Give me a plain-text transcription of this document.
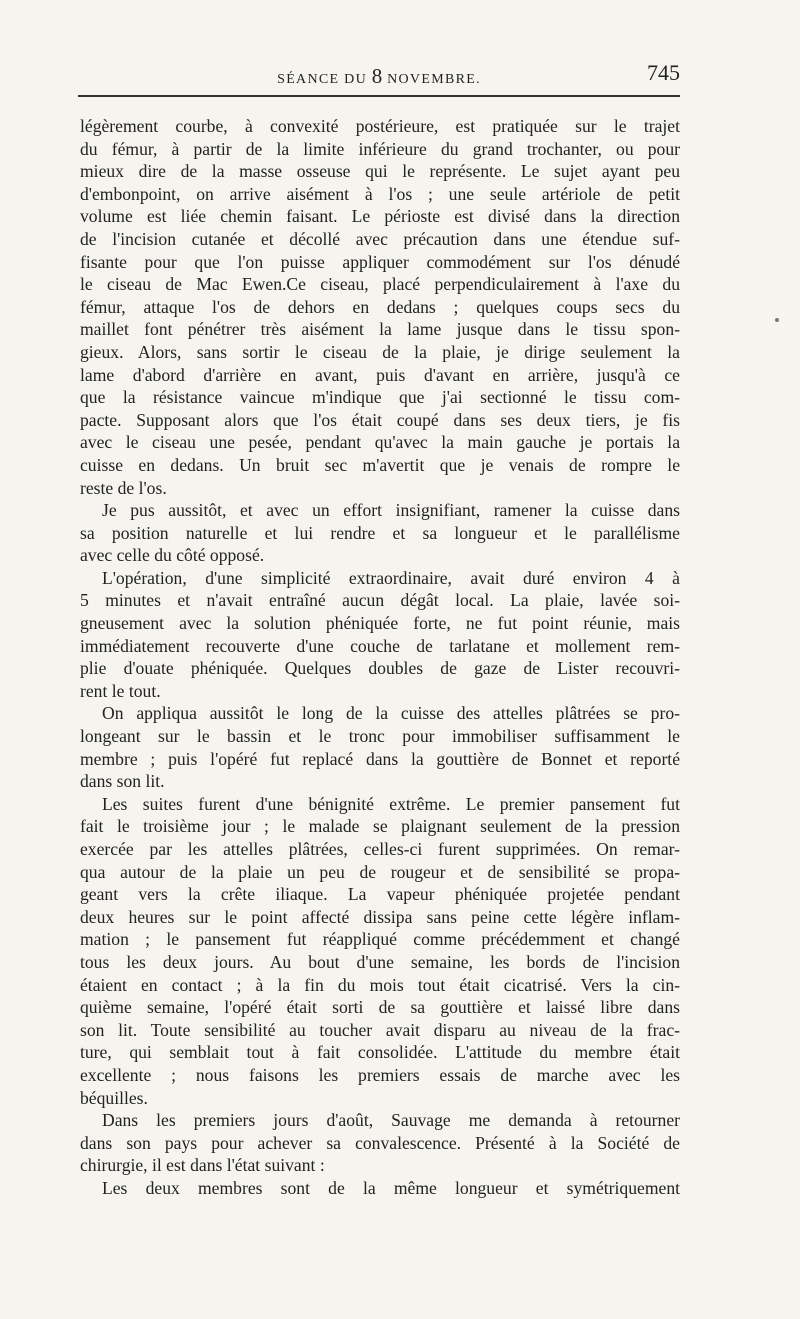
SÉANCE DU 8 NOVEMBRE.	745
légèrement courbe, à convexité postérieure, est pratiquée sur le trajet
du fémur, à partir de la limite inférieure du grand trochanter, ou pour
mieux dire de la masse osseuse qui le représente. Le sujet ayant peu
d'embonpoint, on arrive aisément à l'os ; une seule artériole de petit
volume est liée chemin faisant. Le périoste est divisé dans la direction
de l'incision cutanée et décollé avec précaution dans une étendue suf-
fisante pour que l'on puisse appliquer commodément sur l'os dénudé
le ciseau de Mac Ewen.Ce ciseau, placé perpendiculairement à l'axe du
fémur, attaque l'os de dehors en dedans ; quelques coups secs du
maillet font pénétrer très aisément la lame jusque dans le tissu spon-
gieux. Alors, sans sortir le ciseau de la plaie, je dirige seulement la
lame d'abord d'arrière en avant, puis d'avant en arrière, jusqu'à ce
que la résistance vaincue m'indique que j'ai sectionné le tissu com-
pacte. Supposant alors que l'os était coupé dans ses deux tiers, je fis
avec le ciseau une pesée, pendant qu'avec la main gauche je portais la
cuisse en dedans. Un bruit sec m'avertit que je venais de rompre le
reste de l'os.
Je pus aussitôt, et avec un effort insignifiant, ramener la cuisse dans
sa position naturelle et lui rendre et sa longueur et le parallélisme
avec celle du côté opposé.
L'opération, d'une simplicité extraordinaire, avait duré environ 4 à
5 minutes et n'avait entraîné aucun dégât local. La plaie, lavée soi-
gneusement avec la solution phéniquée forte, ne fut point réunie, mais
immédiatement recouverte d'une couche de tarlatane et mollement rem-
plie d'ouate phéniquée. Quelques doubles de gaze de Lister recouvri-
rent le tout.
On appliqua aussitôt le long de la cuisse des attelles plâtrées se pro-
longeant sur le bassin et le tronc pour immobiliser suffisamment le
membre ; puis l'opéré fut replacé dans la gouttière de Bonnet et reporté
dans son lit.
Les suites furent d'une bénignité extrême. Le premier pansement fut
fait le troisième jour ; le malade se plaignant seulement de la pression
exercée par les attelles plâtrées, celles-ci furent supprimées. On remar-
qua autour de la plaie un peu de rougeur et de sensibilité se propa-
geant vers la crête iliaque. La vapeur phéniquée projetée pendant
deux heures sur le point affecté dissipa sans peine cette légère inflam-
mation ; le pansement fut réappliqué comme précédemment et changé
tous les deux jours. Au bout d'une semaine, les bords de l'incision
étaient en contact ; à la fin du mois tout était cicatrisé. Vers la cin-
quième semaine, l'opéré était sorti de sa gouttière et laissé libre dans
son lit. Toute sensibilité au toucher avait disparu au niveau de la frac-
ture, qui semblait tout à fait consolidée. L'attitude du membre était
excellente ; nous faisons les premiers essais de marche avec les
béquilles.
Dans les premiers jours d'août, Sauvage me demanda à retourner
dans son pays pour achever sa convalescence. Présenté à la Société de
chirurgie, il est dans l'état suivant :
Les deux membres sont de la même longueur et symétriquement
